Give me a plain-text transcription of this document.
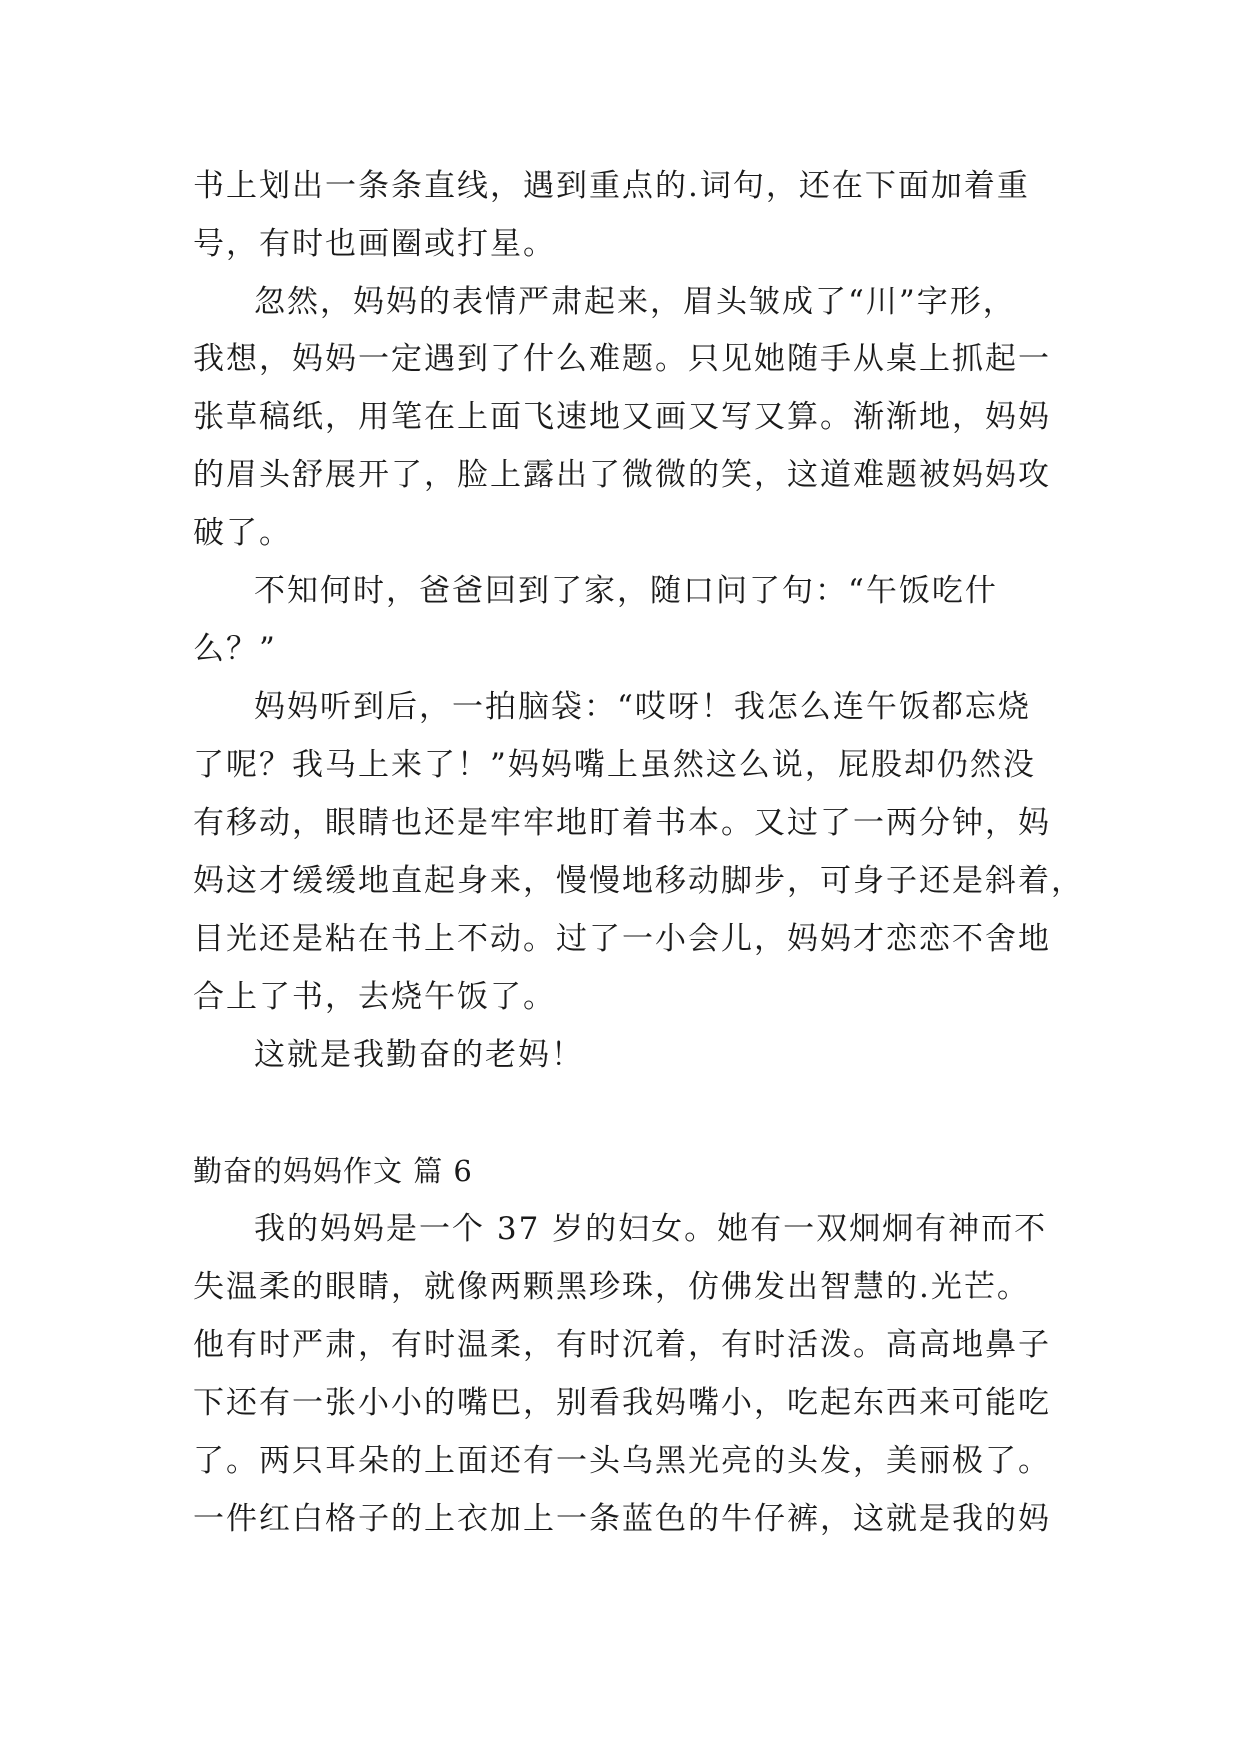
书上划出一条条直线，遇到重点的.词句，还在下面加着重
号，有时也画圈或打星。
忽然，妈妈的表情严肃起来，眉头皱成了“川”字形，
我想，妈妈一定遇到了什么难题。只见她随手从桌上抓起一
张草稿纸，用笔在上面飞速地又画又写又算。渐渐地，妈妈
的眉头舒展开了，脸上露出了微微的笑，这道难题被妈妈攻
破了。
不知何时，爸爸回到了家，随口问了句：“午饭吃什
么？”
妈妈听到后，一拍脑袋：“哎呀！我怎么连午饭都忘烧
了呢？我马上来了！”妈妈嘴上虽然这么说，屁股却仍然没
有移动，眼睛也还是牢牢地盯着书本。又过了一两分钟，妈
妈这才缓缓地直起身来，慢慢地移动脚步，可身子还是斜着，
目光还是粘在书上不动。过了一小会儿，妈妈才恋恋不舍地
合上了书，去烧午饭了。
这就是我勤奋的老妈！
勤奋的妈妈作文 篇 6
我的妈妈是一个 37 岁的妇女。她有一双炯炯有神而不
失温柔的眼睛，就像两颗黑珍珠，仿佛发出智慧的.光芒。
他有时严肃，有时温柔，有时沉着，有时活泼。高高地鼻子
下还有一张小小的嘴巴，别看我妈嘴小，吃起东西来可能吃
了。两只耳朵的上面还有一头乌黑光亮的头发，美丽极了。
一件红白格子的上衣加上一条蓝色的牛仔裤，这就是我的妈
